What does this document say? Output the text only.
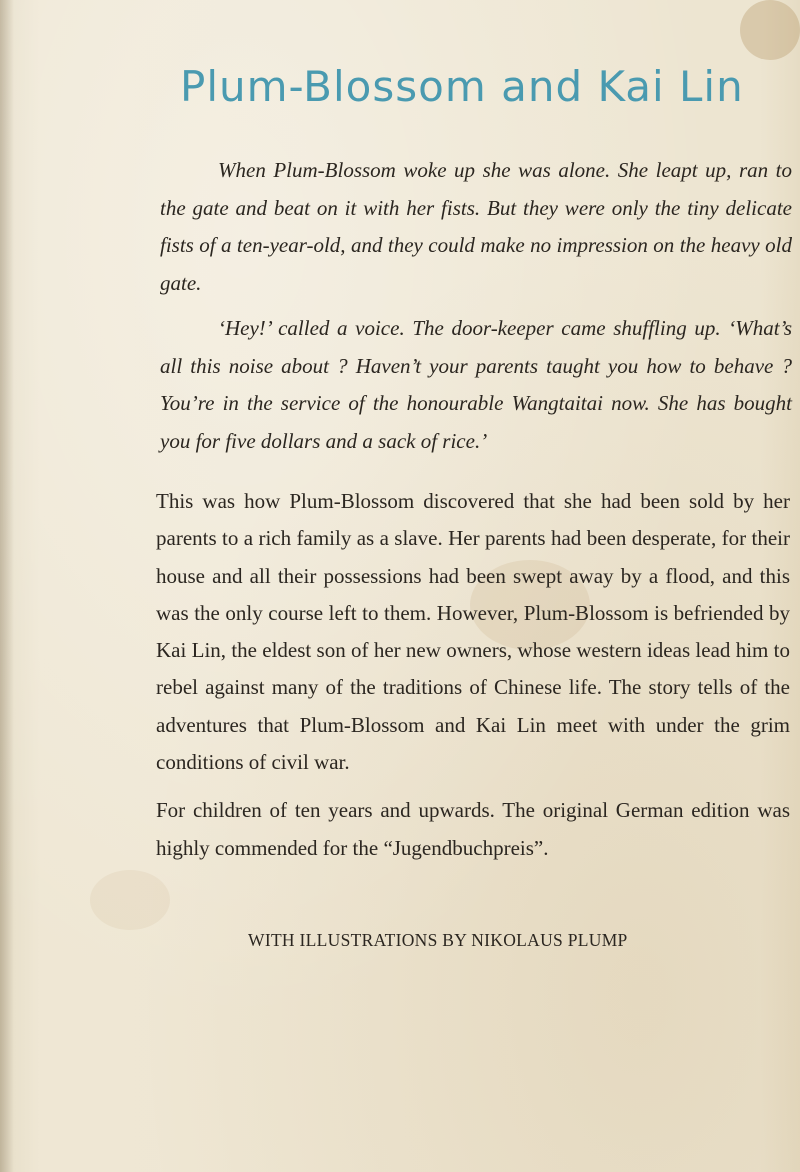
Plum-Blossom and Kai Lin

When Plum-Blossom woke up she was alone. She leapt up, ran to the gate and beat on it with her fists. But they were only the tiny delicate fists of a ten-year-old, and they could make no impression on the heavy old gate.

‘Hey!’ called a voice. The door-keeper came shuffling up. ‘What’s all this noise about ? Haven’t your parents taught you how to behave ? You’re in the service of the honourable Wangtaitai now. She has bought you for five dollars and a sack of rice.’

This was how Plum-Blossom discovered that she had been sold by her parents to a rich family as a slave. Her parents had been desperate, for their house and all their possessions had been swept away by a flood, and this was the only course left to them. However, Plum-Blossom is befriended by Kai Lin, the eldest son of her new owners, whose western ideas lead him to rebel against many of the traditions of Chinese life. The story tells of the adventures that Plum-Blossom and Kai Lin meet with under the grim conditions of civil war.

For children of ten years and upwards. The original German edition was highly commended for the “Jugendbuchpreis”.

WITH ILLUSTRATIONS BY NIKOLAUS PLUMP
